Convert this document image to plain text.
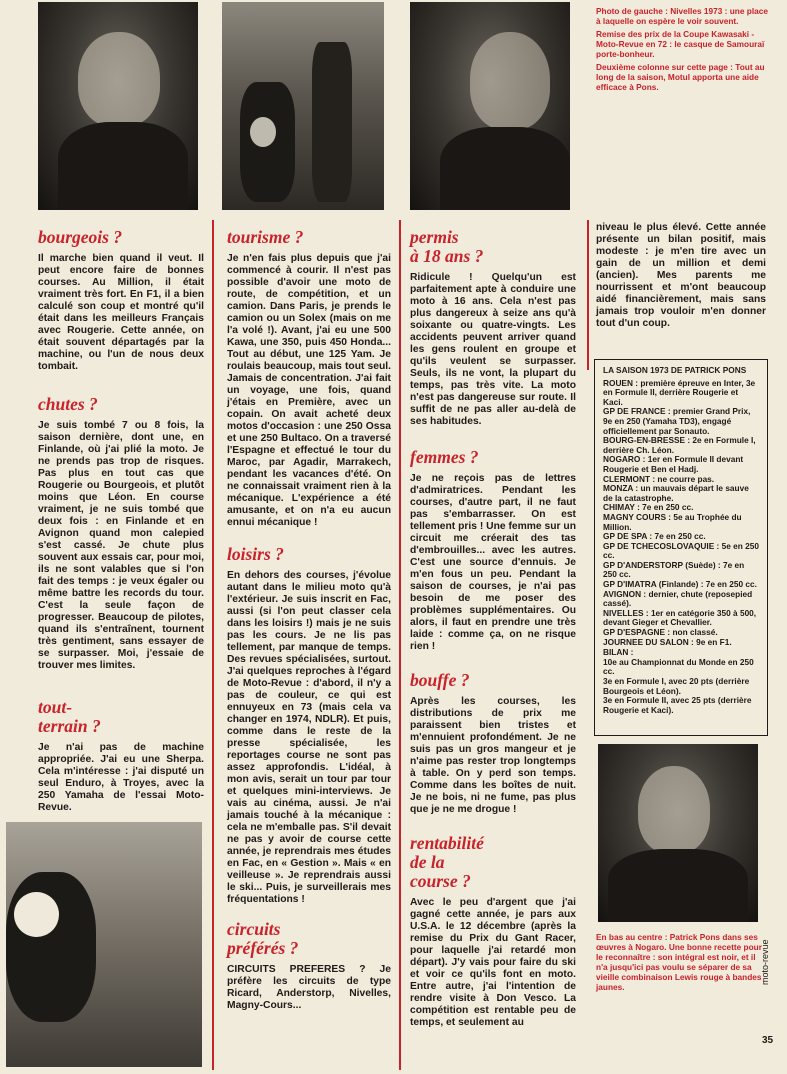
Photo de gauche : Nivelles 1973 : une place à laquelle on espère le voir souvent.

Remise des prix de la Coupe Kawasaki - Moto-Revue en 72 : le casque de Samouraï porte-bonheur.

Deuxième colonne sur cette page : Tout au long de la saison, Motul apporta une aide efficace à Pons.

En bas au centre : Patrick Pons dans ses œuvres à Nogaro. Une bonne recette pour le reconnaître : son intégral est noir, et il n'a jusqu'ici pas voulu se séparer de sa vieille combinaison Lewis rouge à bandes jaunes.

bourgeois ?

Il marche bien quand il veut. Il peut encore faire de bonnes courses. Au Million, il était vraiment très fort. En F1, il a bien calculé son coup et montré qu'il était dans les meilleurs Français avec Rougerie. Cette année, on était souvent départagés par la machine, ou l'un de nous deux tombait.

chutes ?

Je suis tombé 7 ou 8 fois, la saison dernière, dont une, en Finlande, où j'ai plié la moto. Je ne prends pas trop de risques. Pas plus en tout cas que Rougerie ou Bourgeois, et plutôt moins que Léon. En course vraiment, je ne suis tombé que deux fois : en Finlande et en Avignon quand mon calepied s'est cassé. Je chute plus souvent aux essais car, pour moi, ils ne sont valables que si l'on fait des temps : je veux égaler ou même battre les records du tour. C'est la seule façon de progresser. Beaucoup de pilotes, quand ils s'entraînent, tournent très gentiment, sans essayer de se surpasser. Moi, j'essaie de trouver mes limites.

tout-
terrain ?

Je n'ai pas de machine appropriée. J'ai eu une Sherpa. Cela m'intéresse : j'ai disputé un seul Enduro, à Troyes, avec la 250 Yamaha de l'essai Moto-Revue.

tourisme ?

Je n'en fais plus depuis que j'ai commencé à courir. Il n'est pas possible d'avoir une moto de route, de compétition, et un camion. Dans Paris, je prends le camion ou un Solex (mais on me l'a volé !). Avant, j'ai eu une 500 Kawa, une 350, puis 450 Honda... Tout au début, une 125 Yam. Je roulais beaucoup, mais tout seul. Jamais de concentration. J'ai fait un voyage, une fois, quand j'étais en Première, avec un copain. On avait acheté deux motos d'occasion : une 250 Ossa et une 250 Bultaco. On a traversé l'Espagne et effectué le tour du Maroc, par Agadir, Marrakech, pendant les vacances d'été. On ne connaissait vraiment rien à la mécanique. L'expérience a été amusante, et on n'a eu aucun ennui mécanique !

loisirs ?

En dehors des courses, j'évolue autant dans le milieu moto qu'à l'extérieur. Je suis inscrit en Fac, aussi (si l'on peut classer cela dans les loisirs !) mais je ne suis pas les cours. Je ne lis pas tellement, par manque de temps. Des revues spécialisées, surtout. J'ai quelques reproches à l'égard de Moto-Revue : d'abord, il n'y a pas de couleur, ce qui est ennuyeux en 73 (mais cela va changer en 1974, NDLR). Et puis, comme dans le reste de la presse spécialisée, les reportages course ne sont pas assez approfondis. L'idéal, à mon avis, serait un tour par tour et quelques mini-interviews. Je vais au cinéma, aussi. Je n'ai jamais touché à la mécanique : cela ne m'emballe pas. S'il devait ne pas y avoir de course cette année, je reprendrais mes études en Fac, en « Gestion ». Mais « en veilleuse ». Je reprendrais aussi le ski... Puis, je surveillerais mes fréquentations !

circuits
préférés ?

CIRCUITS PREFERES ? Je préfère les circuits de type Ricard, Anderstorp, Nivelles, Magny-Cours...

permis
à 18 ans ?

Ridicule ! Quelqu'un est parfaitement apte à conduire une moto à 16 ans. Cela n'est pas plus dangereux à seize ans qu'à soixante ou quatre-vingts. Les accidents peuvent arriver quand les gens roulent en groupe et qu'ils veulent se surpasser. Seuls, ils ne vont, la plupart du temps, pas très vite. La moto n'est pas dangereuse sur route. Il suffit de ne pas aller au-delà de ses habitudes.

femmes ?

Je ne reçois pas de lettres d'admiratrices. Pendant les courses, d'autre part, il ne faut pas s'embarrasser. On est tellement pris ! Une femme sur un circuit me créerait des tas d'embrouilles... avec les autres. C'est une source d'ennuis. Je m'en fous un peu. Pendant la saison de courses, je n'ai pas besoin de me poser des problèmes supplémentaires. Ou alors, il faut en prendre une très laide : comme ça, on ne risque rien !

bouffe ?

Après les courses, les distributions de prix me paraissent bien tristes et m'ennuient profondément. Je ne suis pas un gros mangeur et je n'aime pas rester trop longtemps à table. On y perd son temps. Comme dans les boîtes de nuit. Je ne bois, ni ne fume, pas plus que je ne me drogue !

rentabilité
de la
course ?

Avec le peu d'argent que j'ai gagné cette année, je pars aux U.S.A. le 12 décembre (après la remise du Prix du Gant Racer, pour laquelle j'ai retardé mon départ). J'y vais pour faire du ski et voir ce qu'ils font en moto. Entre autre, j'ai l'intention de rendre visite à Don Vesco. La compétition est rentable peu de temps, et seulement au

niveau le plus élevé. Cette année présente un bilan positif, mais modeste : je m'en tire avec un gain de un million et demi (ancien). Mes parents me nourrissent et m'ont beaucoup aidé financièrement, mais sans jamais trop vouloir m'en donner tout d'un coup.

LA SAISON 1973 DE PATRICK PONS

ROUEN : première épreuve en Inter, 3e en Formule II, derrière Rougerie et Kaci.

GP DE FRANCE : premier Grand Prix, 9e en 250 (Yamaha TD3), engagé officiellement par Sonauto.

BOURG-EN-BRESSE : 2e en Formule I, derrière Ch. Léon.

NOGARO : 1er en Formule II devant Rougerie et Ben el Hadj.

CLERMONT : ne courre pas.

MONZA : un mauvais départ le sauve de la catastrophe.

CHIMAY : 7e en 250 cc.

MAGNY COURS : 5e au Trophée du Million.

GP DE SPA : 7e en 250 cc.

GP DE TCHECOSLOVAQUIE : 5e en 250 cc.

GP D'ANDERSTORP (Suède) : 7e en 250 cc.

GP D'IMATRA (Finlande) : 7e en 250 cc.

AVIGNON : dernier, chute (reposepied cassé).

NIVELLES : 1er en catégorie 350 à 500, devant Gieger et Chevallier.

GP D'ESPAGNE : non classé.

JOURNEE DU SALON : 9e en F1.

BILAN :

10e au Championnat du Monde en 250 cc.

3e en Formule I, avec 20 pts (derrière Bourgeois et Léon).

3e en Formule II, avec 25 pts (derrière Rougerie et Kaci).

moto-revue
35
